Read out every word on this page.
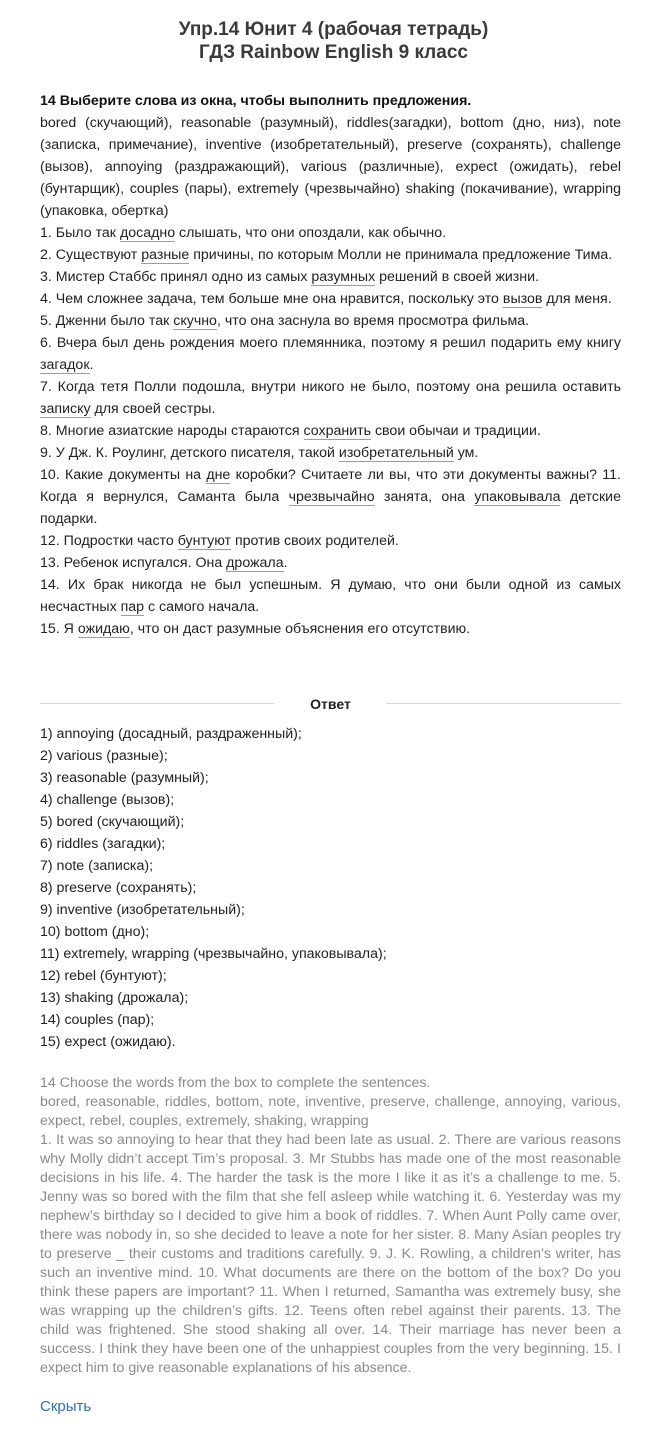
Упр.14 Юнит 4 (рабочая тетрадь)
ГДЗ Rainbow English 9 класс
14 Выберите слова из окна, чтобы выполнить предложения.
bored (скучающий), reasonable (разумный), riddles(загадки), bottom (дно, низ), note (записка, примечание), inventive (изобретательный), preserve (сохранять), challenge (вызов), annoying (раздражающий), various (различные), expect (ожидать), rebel (бунтарщик), couples (пары), extremely (чрезвычайно) shaking (покачивание), wrapping (упаковка, обертка)
1. Было так досадно слышать, что они опоздали, как обычно.
2. Существуют разные причины, по которым Молли не принимала предложение Тима.
3. Мистер Стаббс принял одно из самых разумных решений в своей жизни.
4. Чем сложнее задача, тем больше мне она нравится, поскольку это вызов для меня.
5. Дженни было так скучно, что она заснула во время просмотра фильма.
6. Вчера был день рождения моего племянника, поэтому я решил подарить ему книгу загадок.
7. Когда тетя Полли подошла, внутри никого не было, поэтому она решила оставить записку для своей сестры.
8. Многие азиатские народы стараются сохранить свои обычаи и традиции.
9. У Дж. К. Роулинг, детского писателя, такой изобретательный ум.
10. Какие документы на дне коробки? Считаете ли вы, что эти документы важны? 11. Когда я вернулся, Саманта была чрезвычайно занята, она упаковывала детские подарки.
12. Подростки часто бунтуют против своих родителей.
13. Ребенок испугался. Она дрожала.
14. Их брак никогда не был успешным. Я думаю, что они были одной из самых несчастных пар с самого начала.
15. Я ожидаю, что он даст разумные объяснения его отсутствию.
Ответ
1) annoying (досадный, раздраженный);
2) various (разные);
3) reasonable (разумный);
4) challenge (вызов);
5) bored (скучающий);
6) riddles (загадки);
7) note (записка);
8) preserve (сохранять);
9) inventive (изобретательный);
10) bottom (дно);
11) extremely, wrapping (чрезвычайно, упаковывала);
12) rebel (бунтуют);
13) shaking (дрожала);
14) couples (пар);
15) expect (ожидаю).
14 Choose the words from the box to complete the sentences.
bored, reasonable, riddles, bottom, note, inventive, preserve, challenge, annoying, various, expect, rebel, couples, extremely, shaking, wrapping
1. It was so annoying to hear that they had been late as usual. 2. There are various reasons why Molly didn’t accept Tim’s proposal. 3. Mr Stubbs has made one of the most reasonable decisions in his life. 4. The harder the task is the more I like it as it’s a challenge to me. 5. Jenny was so bored with the film that she fell asleep while watching it. 6. Yesterday was my nephew’s birthday so I decided to give him a book of riddles. 7. When Aunt Polly came over, there was nobody in, so she decided to leave a note for her sister. 8. Many Asian peoples try to preserve _ their customs and traditions carefully. 9. J. K. Rowling, a children’s writer, has such an inventive mind. 10. What documents are there on the bottom of the box? Do you think these papers are important? 11. When I returned, Samantha was extremely busy, she was wrapping up the children’s gifts. 12. Teens often rebel against their parents. 13. The child was frightened. She stood shaking all over. 14. Their marriage has never been a success. I think they have been one of the unhappiest couples from the very beginning. 15. I expect him to give reasonable explanations of his absence.
Скрыть
